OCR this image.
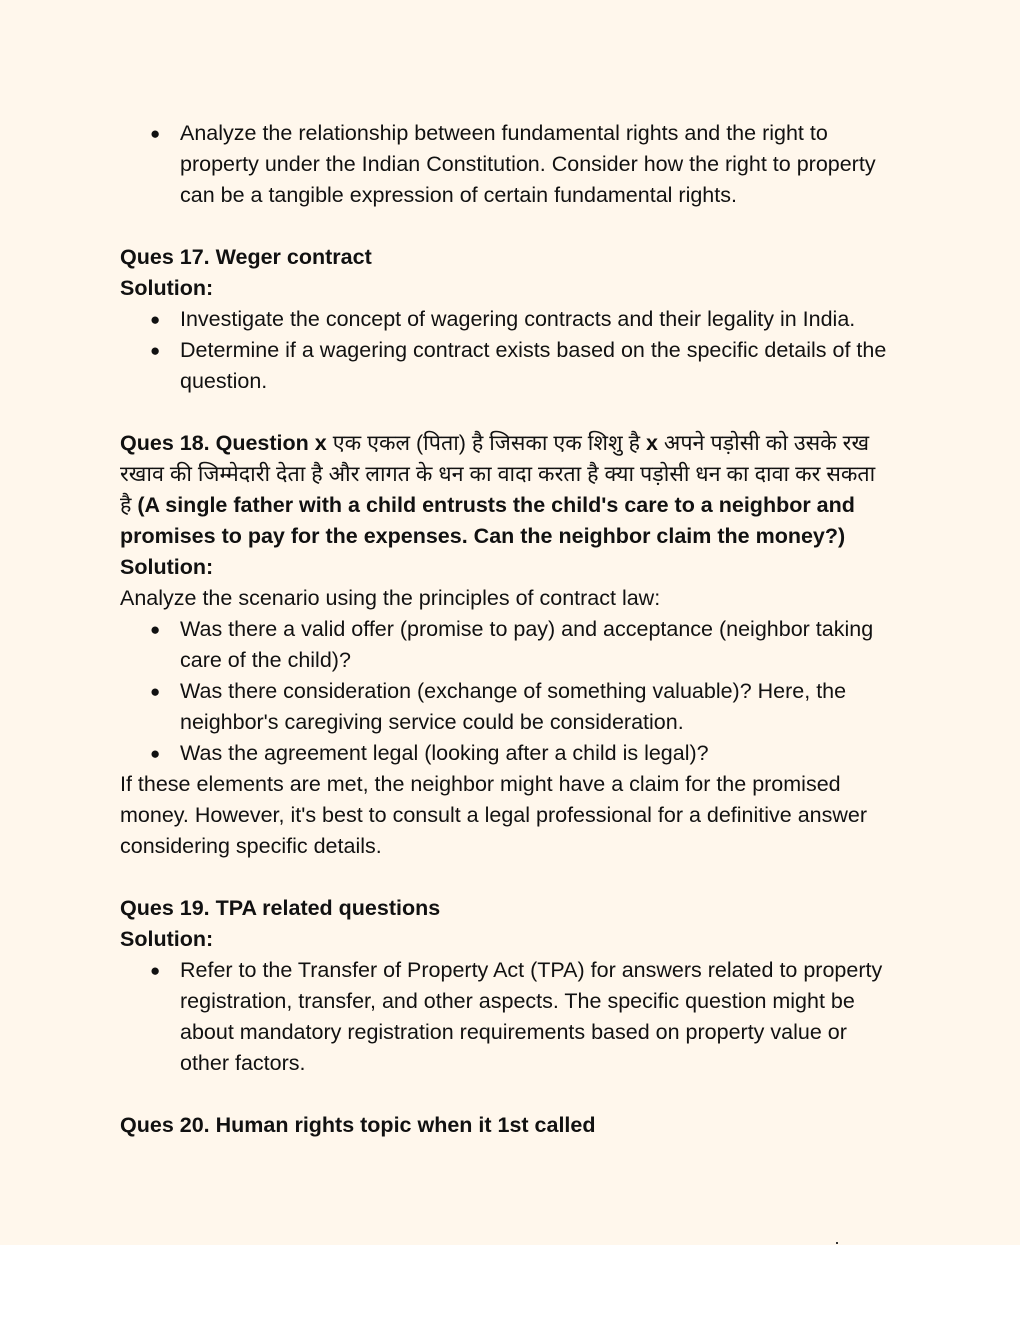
● Analyze the relationship between fundamental rights and the right to property under the Indian Constitution. Consider how the right to property can be a tangible expression of certain fundamental rights.

Ques 17. Weger contract

Solution:

● Investigate the concept of wagering contracts and their legality in India.
● Determine if a wagering contract exists based on the specific details of the question.

Ques 18. Question x एक एकल (पिता) है जिसका एक शिशु है x अपने पड़ोसी को उसके रख रखाव की जिम्मेदारी देता है और लागत के धन का वादा करता है क्या पड़ोसी धन का दावा कर सकता है (A single father with a child entrusts the child's care to a neighbor and promises to pay for the expenses. Can the neighbor claim the money?)

Solution:

Analyze the scenario using the principles of contract law:

● Was there a valid offer (promise to pay) and acceptance (neighbor taking care of the child)?
● Was there consideration (exchange of something valuable)? Here, the neighbor's caregiving service could be consideration.
● Was the agreement legal (looking after a child is legal)?

If these elements are met, the neighbor might have a claim for the promised money. However, it's best to consult a legal professional for a definitive answer considering specific details.

Ques 19. TPA related questions

Solution:

● Refer to the Transfer of Property Act (TPA) for answers related to property registration, transfer, and other aspects. The specific question might be about mandatory registration requirements based on property value or other factors.

Ques 20. Human rights topic when it 1st called
